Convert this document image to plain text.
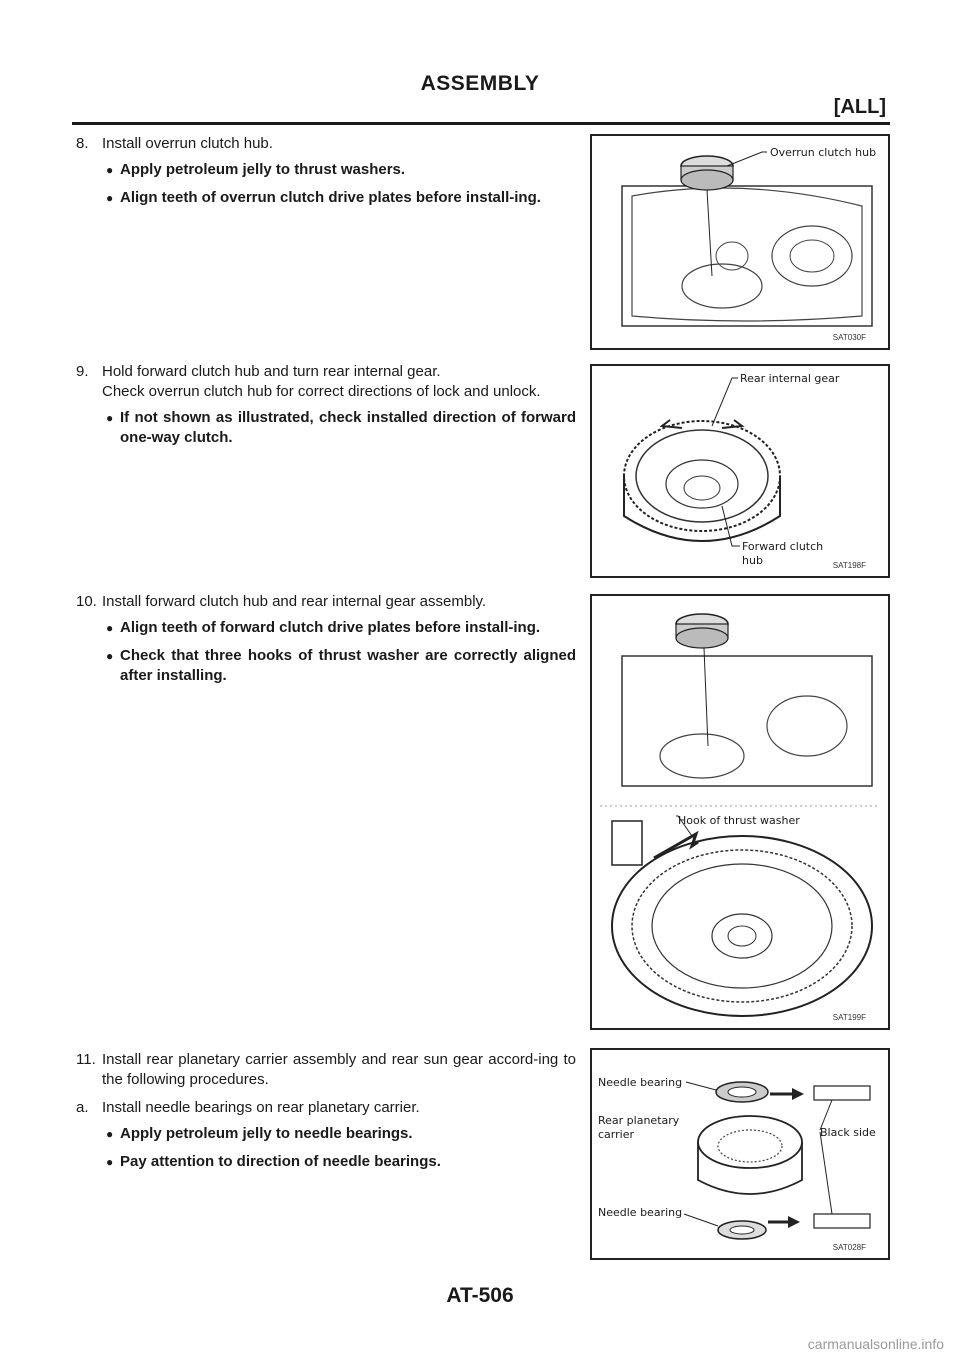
ASSEMBLY
[ALL]
8. Install overrun clutch hub.
● Apply petroleum jelly to thrust washers.
● Align teeth of overrun clutch drive plates before install-ing.
Overrun clutch hub
SAT030F
9. Hold forward clutch hub and turn rear internal gear.
Check overrun clutch hub for correct directions of lock and unlock.
● If not shown as illustrated, check installed direction of forward one-way clutch.
Rear internal gear
Forward clutch
hub	SAT198F
10. Install forward clutch hub and rear internal gear assembly.
● Align teeth of forward clutch drive plates before install-ing.
● Check that three hooks of thrust washer are correctly aligned after installing.
Hook of thrust washer
SAT199F
11. Install rear planetary carrier assembly and rear sun gear accord-ing to the following procedures.
a. Install needle bearings on rear planetary carrier.
● Apply petroleum jelly to needle bearings.
● Pay attention to direction of needle bearings.
Needle bearing
Rear planetary
carrier	Black side
Needle bearing
SAT028F
AT-506
carmanualsonline.info
